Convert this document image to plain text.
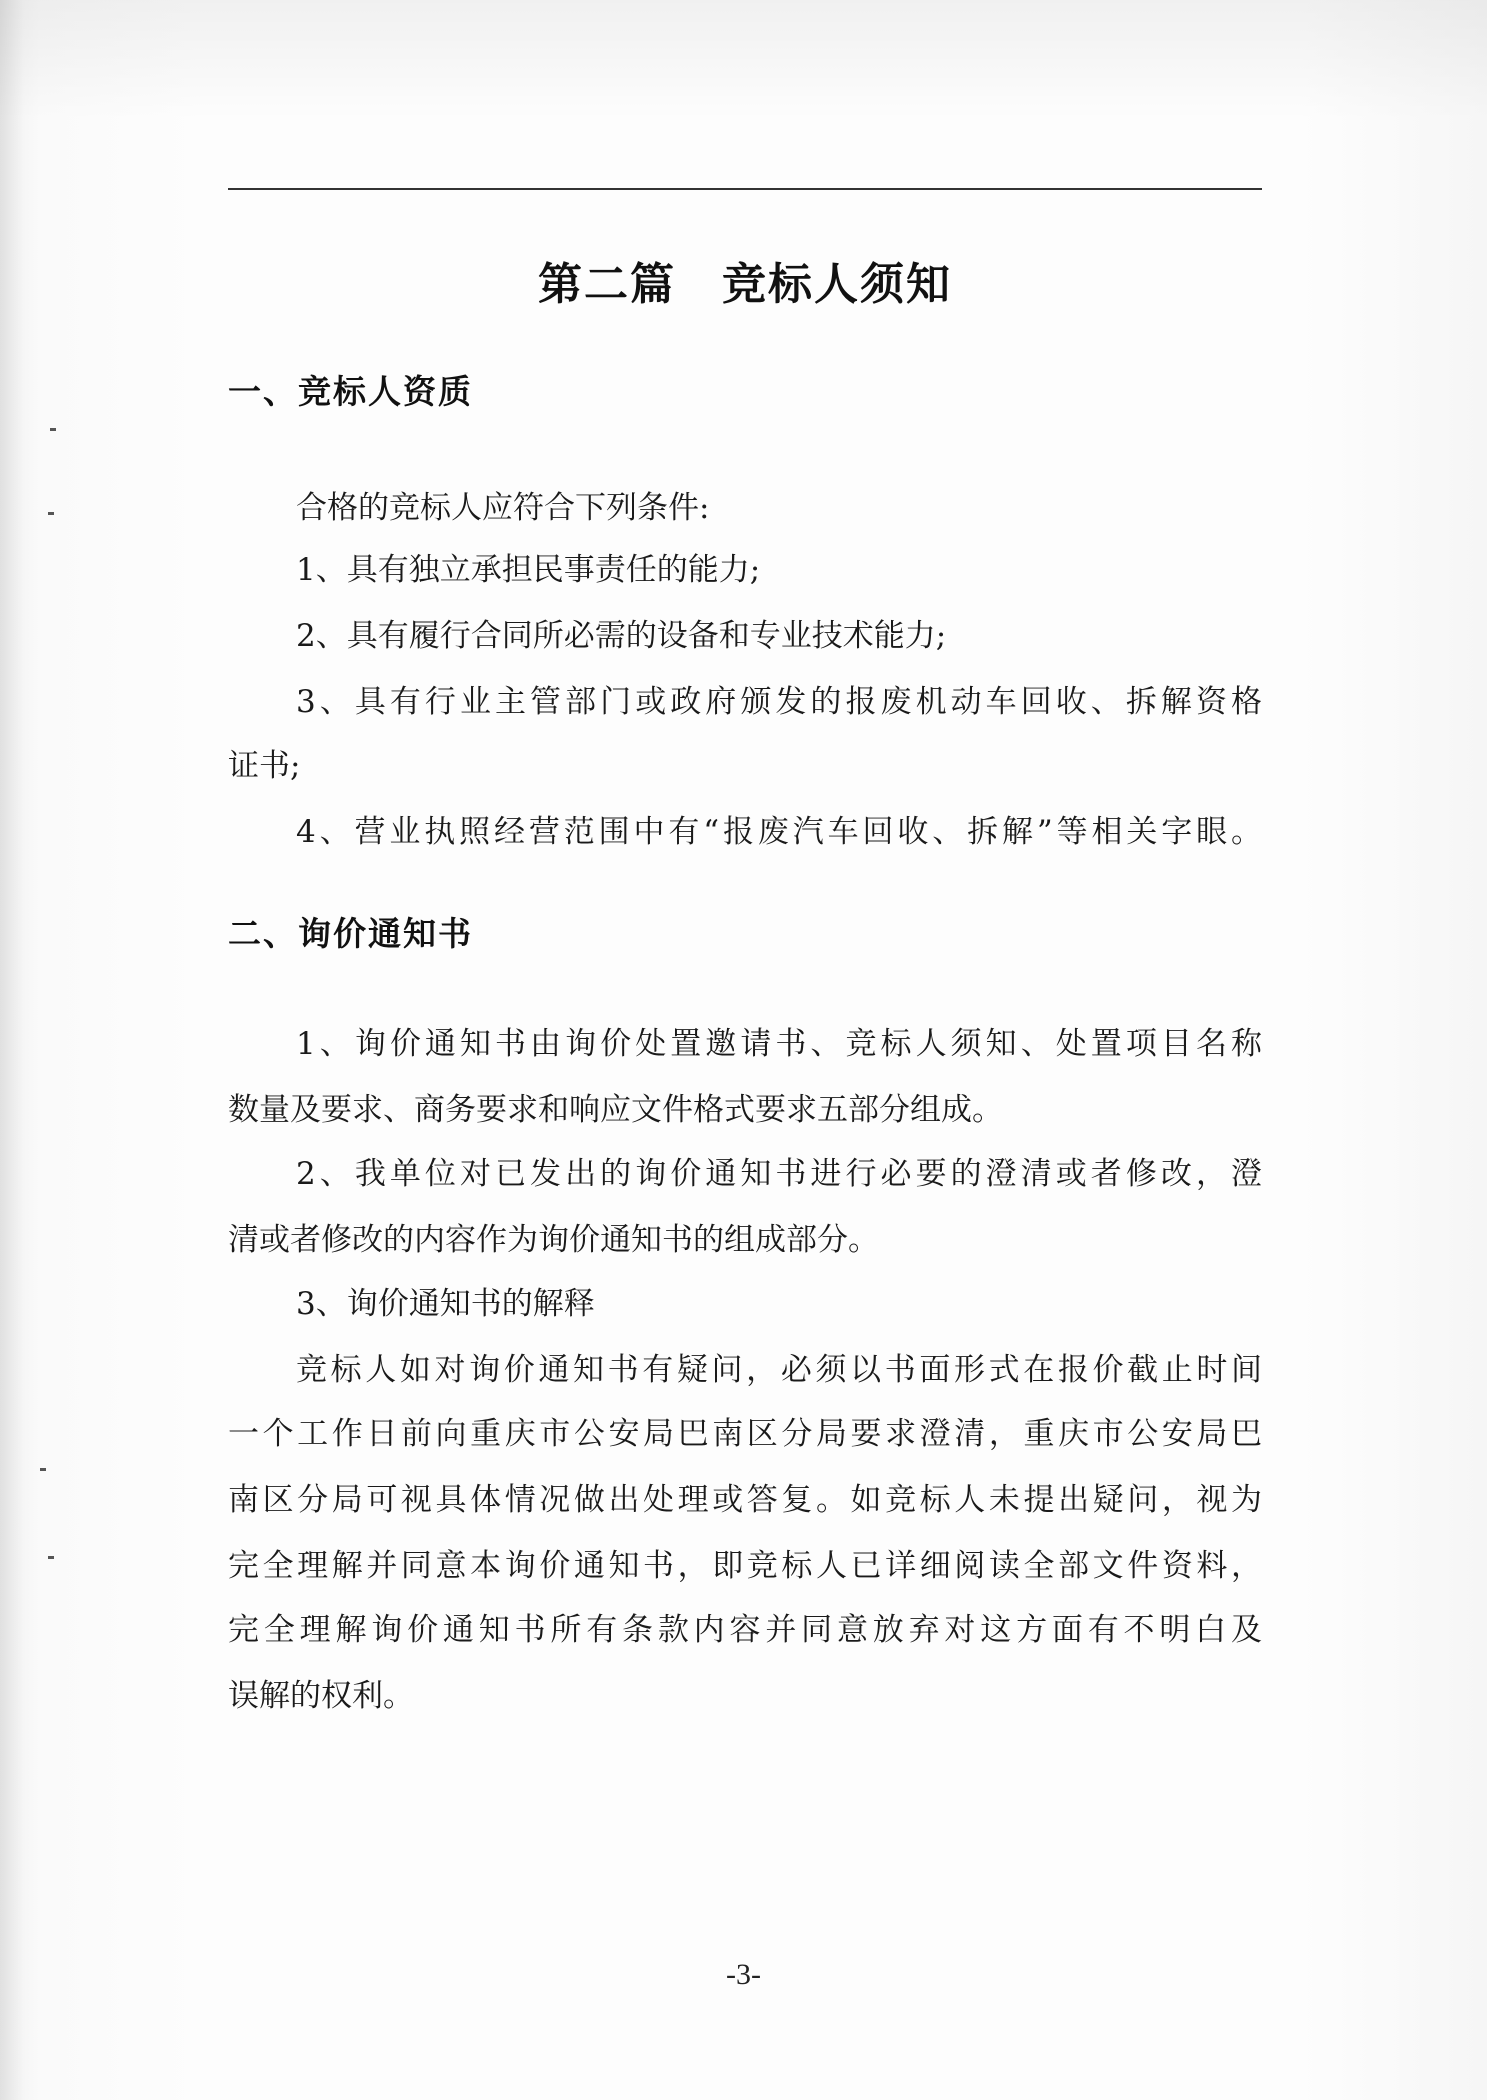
第二篇　竞标人须知
一、竞标人资质
合格的竞标人应符合下列条件:
1、具有独立承担民事责任的能力;
2、具有履行合同所必需的设备和专业技术能力;
3、具有行业主管部门或政府颁发的报废机动车回收、拆解资格
证书;
4、营业执照经营范围中有“报废汽车回收、拆解”等相关字眼。
二、询价通知书
1、询价通知书由询价处置邀请书、竞标人须知、处置项目名称
数量及要求、商务要求和响应文件格式要求五部分组成。
2、我单位对已发出的询价通知书进行必要的澄清或者修改，澄
清或者修改的内容作为询价通知书的组成部分。
3、询价通知书的解释
竞标人如对询价通知书有疑问，必须以书面形式在报价截止时间
一个工作日前向重庆市公安局巴南区分局要求澄清，重庆市公安局巴
南区分局可视具体情况做出处理或答复。如竞标人未提出疑问，视为
完全理解并同意本询价通知书，即竞标人已详细阅读全部文件资料，
完全理解询价通知书所有条款内容并同意放弃对这方面有不明白及
误解的权利。
-3-
